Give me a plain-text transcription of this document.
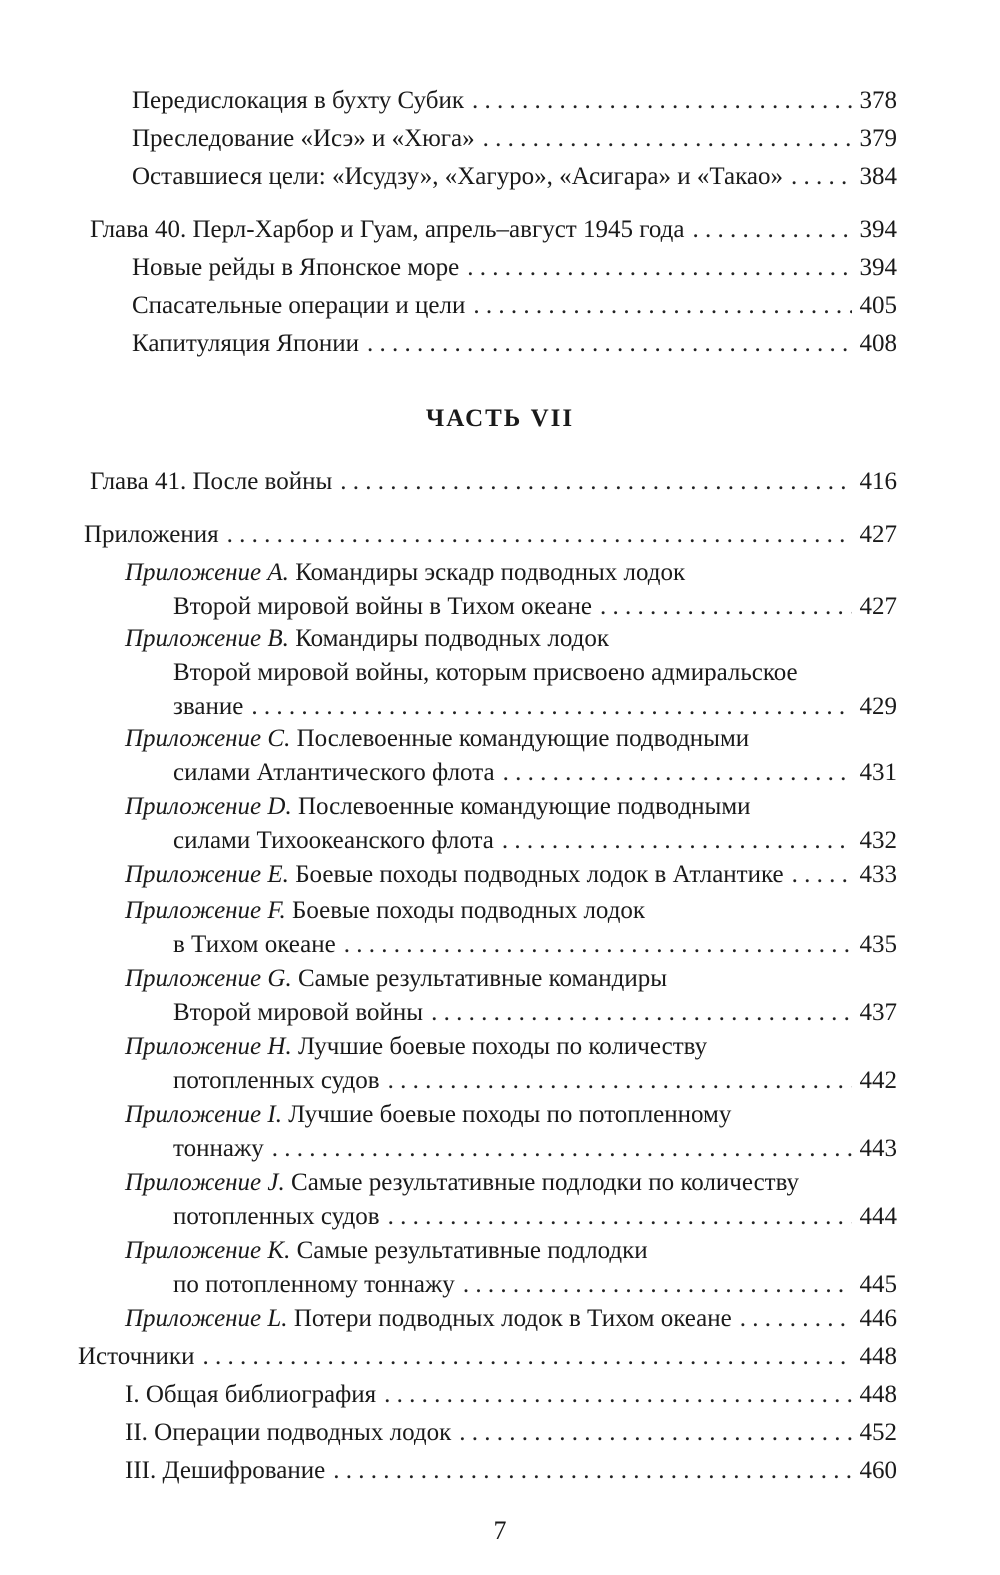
Передислокация в бухту Субик . . .	378
Преследование «Исэ» и «Хюга» . . .	379
Оставшиеся цели: «Исудзу», «Хагуро», «Асигара» и «Такао» . . .	384
Глава 40. Перл-Харбор и Гуам, апрель–август 1945 года . . .	394
Новые рейды в Японское море . . .	394
Спасательные операции и цели . . .	405
Капитуляция Японии . . .	408
ЧАСТЬ VII
Глава 41. После войны . . .	416
Приложения . . .	427
Приложение A. Командиры эскадр подводных лодок
Второй мировой войны в Тихом океане . . .	427
Приложение B. Командиры подводных лодок
Второй мировой войны, которым присвоено адмиральское
звание . . .	429
Приложение C. Послевоенные командующие подводными
силами Атлантического флота . . .	431
Приложение D. Послевоенные командующие подводными
силами Тихоокеанского флота . . .	432
Приложение E. Боевые походы подводных лодок в Атлантике . . .	433
Приложение F. Боевые походы подводных лодок
в Тихом океане . . .	435
Приложение G. Самые результативные командиры
Второй мировой войны . . .	437
Приложение H. Лучшие боевые походы по количеству
потопленных судов . . .	442
Приложение I. Лучшие боевые походы по потопленному
тоннажу . . .	443
Приложение J. Самые результативные подлодки по количеству
потопленных судов . . .	444
Приложение K. Самые результативные подлодки
по потопленному тоннажу . . .	445
Приложение L. Потери подводных лодок в Тихом океане . . .	446
Источники . . .	448
I. Общая библиография . . .	448
II. Операции подводных лодок . . .	452
III. Дешифрование . . .	460
7
